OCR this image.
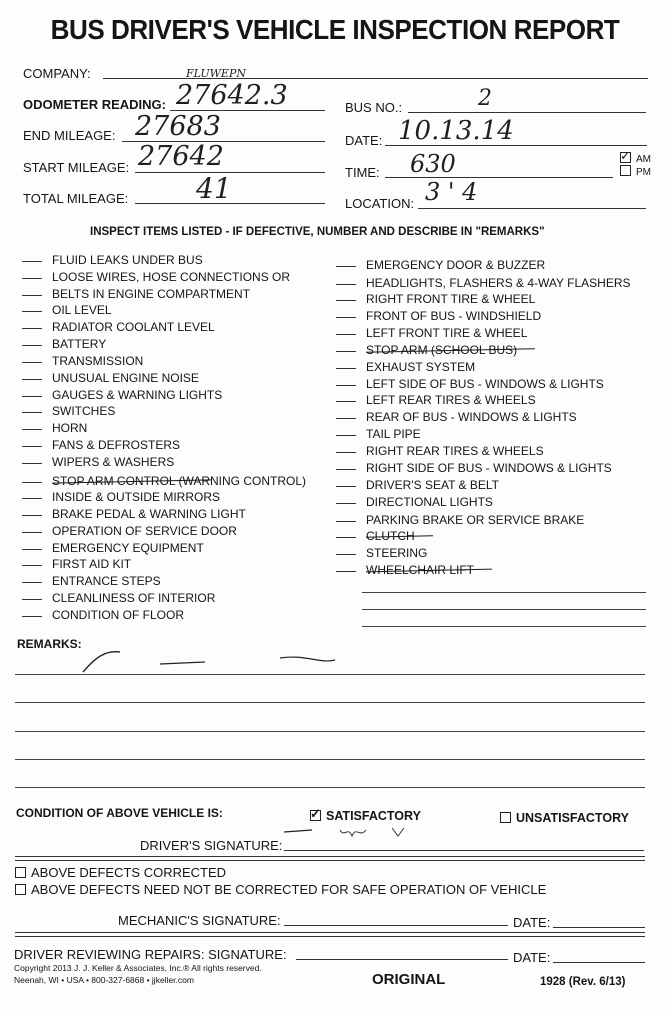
BUS DRIVER'S VEHICLE INSPECTION REPORT
COMPANY:	FLUWEPN
ODOMETER READING: 27642.3	BUS NO.:	2
END MILEAGE: 27683	DATE: 10.13.14
START MILEAGE: 27642
TIME: 630	✓ AM
PM
TOTAL MILEAGE: 41	LOCATION: 3 ' 4
INSPECT ITEMS LISTED - IF DEFECTIVE, NUMBER AND DESCRIBE IN "REMARKS"
FLUID LEAKS UNDER BUS
LOOSE WIRES, HOSE CONNECTIONS OR
BELTS IN ENGINE COMPARTMENT
OIL LEVEL
RADIATOR COOLANT LEVEL
BATTERY
TRANSMISSION
UNUSUAL ENGINE NOISE
GAUGES & WARNING LIGHTS
SWITCHES
HORN
FANS & DEFROSTERS
WIPERS & WASHERS
STOP ARM CONTROL (WARNING CONTROL)
INSIDE & OUTSIDE MIRRORS
BRAKE PEDAL & WARNING LIGHT
OPERATION OF SERVICE DOOR
EMERGENCY EQUIPMENT
FIRST AID KIT
ENTRANCE STEPS
CLEANLINESS OF INTERIOR
CONDITION OF FLOOR
EMERGENCY DOOR & BUZZER
HEADLIGHTS, FLASHERS & 4-WAY FLASHERS
RIGHT FRONT TIRE & WHEEL
FRONT OF BUS - WINDSHIELD
LEFT FRONT TIRE & WHEEL
STOP ARM (SCHOOL BUS)
EXHAUST SYSTEM
LEFT SIDE OF BUS - WINDOWS & LIGHTS
LEFT REAR TIRES & WHEELS
REAR OF BUS - WINDOWS & LIGHTS
TAIL PIPE
RIGHT REAR TIRES & WHEELS
RIGHT SIDE OF BUS - WINDOWS & LIGHTS
DRIVER'S SEAT & BELT
DIRECTIONAL LIGHTS
PARKING BRAKE OR SERVICE BRAKE
CLUTCH
STEERING
WHEELCHAIR LIFT
REMARKS:
CONDITION OF ABOVE VEHICLE IS:	✓ SATISFACTORY	UNSATISFACTORY
DRIVER'S SIGNATURE:
ABOVE DEFECTS CORRECTED
ABOVE DEFECTS NEED NOT BE CORRECTED FOR SAFE OPERATION OF VEHICLE
MECHANIC'S SIGNATURE:	DATE:
DRIVER REVIEWING REPAIRS: SIGNATURE:	DATE:
Copyright 2013 J. J. Keller & Associates, Inc.® All rights reserved.
Neenah, WI • USA • 800-327-6868 • jjkeller.com	ORIGINAL	1928 (Rev. 6/13)
